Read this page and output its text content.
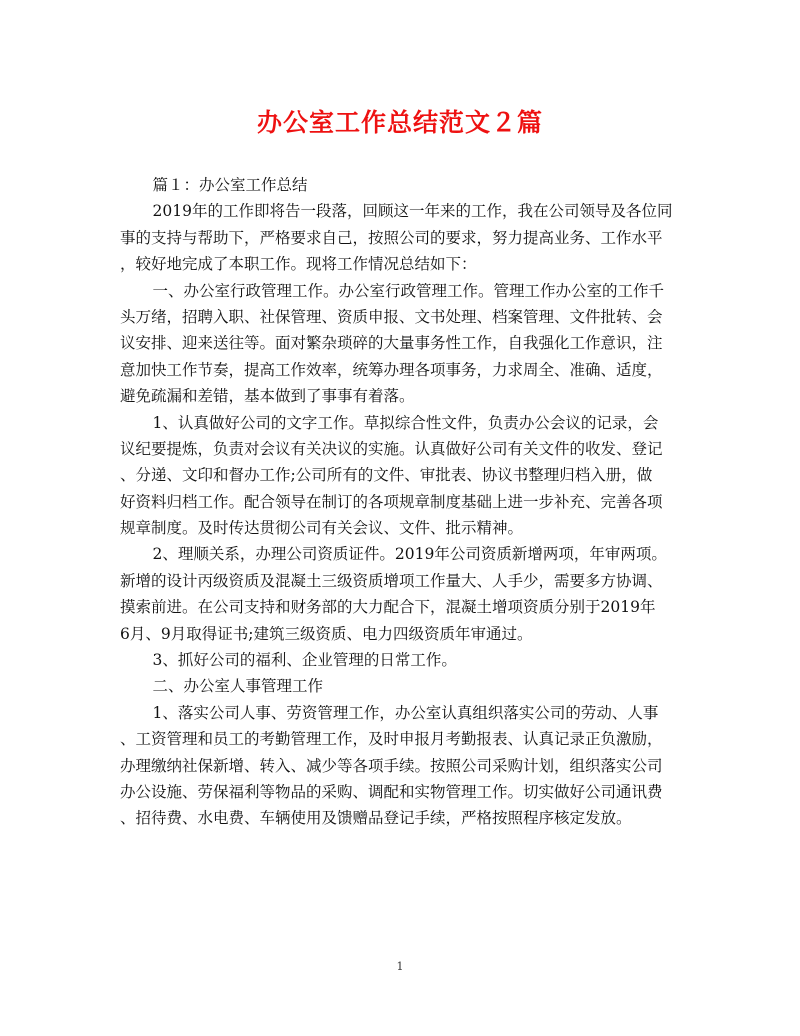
办公室工作总结范文２篇
篇１：办公室工作总结
2019年的工作即将告一段落，回顾这一年来的工作，我在公司领导及各位同
事的支持与帮助下，严格要求自己，按照公司的要求，努力提高业务、工作水平
，较好地完成了本职工作。现将工作情况总结如下：
一、办公室行政管理工作。办公室行政管理工作。管理工作办公室的工作千
头万绪，招聘入职、社保管理、资质申报、文书处理、档案管理、文件批转、会
议安排、迎来送往等。面对繁杂琐碎的大量事务性工作，自我强化工作意识，注
意加快工作节奏，提高工作效率，统筹办理各项事务，力求周全、准确、适度，
避免疏漏和差错，基本做到了事事有着落。
1、认真做好公司的文字工作。草拟综合性文件，负责办公会议的记录，会
议纪要提炼，负责对会议有关决议的实施。认真做好公司有关文件的收发、登记
、分递、文印和督办工作;公司所有的文件、审批表、协议书整理归档入册，做
好资料归档工作。配合领导在制订的各项规章制度基础上进一步补充、完善各项
规章制度。及时传达贯彻公司有关会议、文件、批示精神。
2、理顺关系，办理公司资质证件。2019年公司资质新增两项，年审两项。
新增的设计丙级资质及混凝土三级资质增项工作量大、人手少，需要多方协调、
摸索前进。在公司支持和财务部的大力配合下，混凝土增项资质分别于2019年
6月、9月取得证书;建筑三级资质、电力四级资质年审通过。
3、抓好公司的福利、企业管理的日常工作。
二、办公室人事管理工作
1、落实公司人事、劳资管理工作，办公室认真组织落实公司的劳动、人事
、工资管理和员工的考勤管理工作，及时申报月考勤报表、认真记录正负激励，
办理缴纳社保新增、转入、减少等各项手续。按照公司采购计划，组织落实公司
办公设施、劳保福利等物品的采购、调配和实物管理工作。切实做好公司通讯费
、招待费、水电费、车辆使用及馈赠品登记手续，严格按照程序核定发放。
1
